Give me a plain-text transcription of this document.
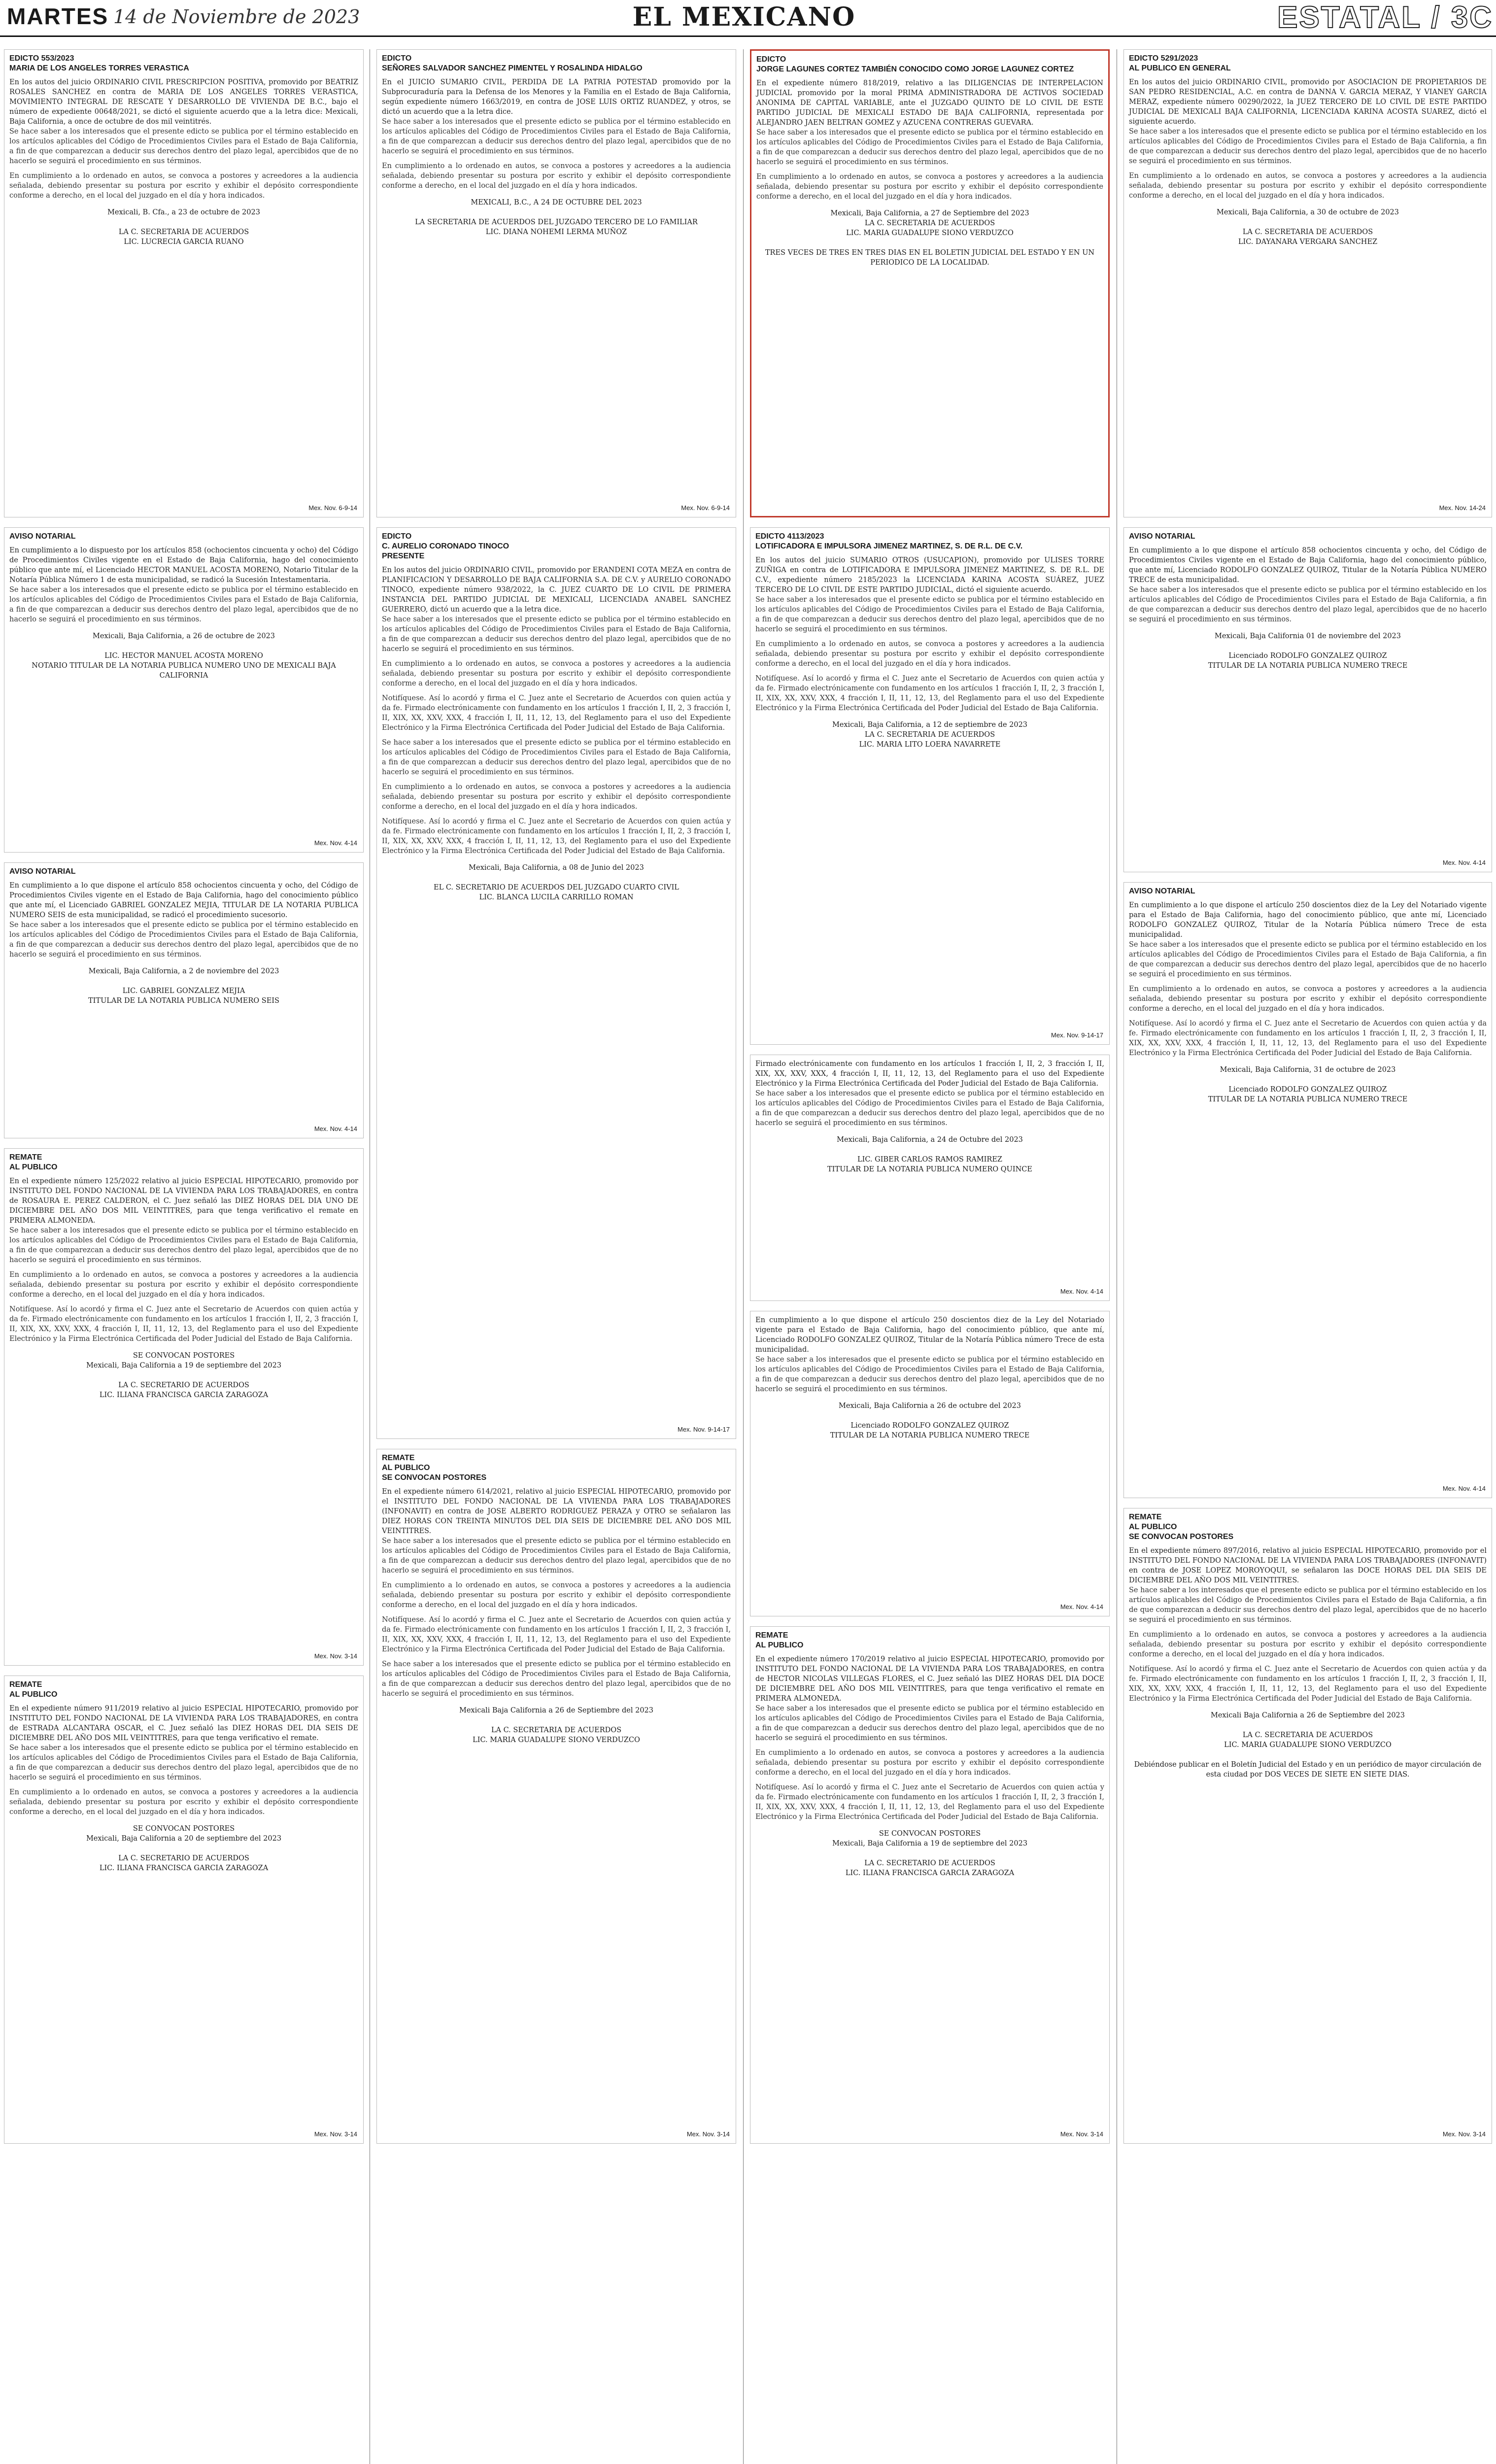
MARTES 14 de Noviembre de 2023	EL MEXICANO	ESTATAL / 3C
EDICTO 553/2023
MARIA DE LOS ANGELES TORRES VERASTICA
En los autos del juicio ORDINARIO CIVIL PRESCRIPCION POSITIVA, promovido por BEATRIZ ROSALES SANCHEZ en contra de MARIA DE LOS ANGELES TORRES VERASTICA, MOVIMIENTO INTEGRAL DE RESCATE Y DESARROLLO DE VIVIENDA DE B.C., bajo el número de expediente 00648/2021, se dictó el siguiente acuerdo que a la letra dice: Mexicali, Baja California, a once de octubre de dos mil veintitrés.

Se hace saber a los interesados que el presente edicto se publica por el término establecido en los artículos aplicables del Código de Procedimientos Civiles para el Estado de Baja California, a fin de que comparezcan a deducir sus derechos dentro del plazo legal, apercibidos que de no hacerlo se seguirá el procedimiento en sus términos.

En cumplimiento a lo ordenado en autos, se convoca a postores y acreedores a la audiencia señalada, debiendo presentar su postura por escrito y exhibir el depósito correspondiente conforme a derecho, en el local del juzgado en el día y hora indicados.

Mexicali, B. Cfa., a 23 de octubre de 2023

LA C. SECRETARIA DE ACUERDOS
LIC. LUCRECIA GARCIA RUANO
Mex. Nov. 6-9-14
AVISO NOTARIAL
En cumplimiento a lo dispuesto por los artículos 858 (ochocientos cincuenta y ocho) del Código de Procedimientos Civiles vigente en el Estado de Baja California, hago del conocimiento público que ante mí, el Licenciado HECTOR MANUEL ACOSTA MORENO, Notario Titular de la Notaría Pública Número 1 de esta municipalidad, se radicó la Sucesión Intestamentaria.

Se hace saber a los interesados que el presente edicto se publica por el término establecido en los artículos aplicables del Código de Procedimientos Civiles para el Estado de Baja California, a fin de que comparezcan a deducir sus derechos dentro del plazo legal, apercibidos que de no hacerlo se seguirá el procedimiento en sus términos.

Mexicali, Baja California, a 26 de octubre de 2023

LIC. HECTOR MANUEL ACOSTA MORENO
NOTARIO TITULAR DE LA NOTARIA PUBLICA NUMERO UNO DE MEXICALI BAJA CALIFORNIA
Mex. Nov. 4-14
AVISO NOTARIAL
En cumplimiento a lo que dispone el artículo 858 ochocientos cincuenta y ocho, del Código de Procedimientos Civiles vigente en el Estado de Baja California, hago del conocimiento público que ante mí, el Licenciado GABRIEL GONZALEZ MEJIA, TITULAR DE LA NOTARIA PUBLICA NUMERO SEIS de esta municipalidad, se radicó el procedimiento sucesorio.

Se hace saber a los interesados que el presente edicto se publica por el término establecido en los artículos aplicables del Código de Procedimientos Civiles para el Estado de Baja California, a fin de que comparezcan a deducir sus derechos dentro del plazo legal, apercibidos que de no hacerlo se seguirá el procedimiento en sus términos.

Mexicali, Baja California, a 2 de noviembre del 2023

LIC. GABRIEL GONZALEZ MEJIA
TITULAR DE LA NOTARIA PUBLICA NUMERO SEIS
Mex. Nov. 4-14
REMATE
AL PUBLICO
En el expediente número 125/2022 relativo al juicio ESPECIAL HIPOTECARIO, promovido por INSTITUTO DEL FONDO NACIONAL DE LA VIVIENDA PARA LOS TRABAJADORES, en contra de ROSAURA E. PEREZ CALDERON, el C. Juez señaló las DIEZ HORAS DEL DIA UNO DE DICIEMBRE DEL AÑO DOS MIL VEINTITRES, para que tenga verificativo el remate en PRIMERA ALMONEDA.

Se hace saber a los interesados que el presente edicto se publica por el término establecido en los artículos aplicables del Código de Procedimientos Civiles para el Estado de Baja California, a fin de que comparezcan a deducir sus derechos dentro del plazo legal, apercibidos que de no hacerlo se seguirá el procedimiento en sus términos.

En cumplimiento a lo ordenado en autos, se convoca a postores y acreedores a la audiencia señalada, debiendo presentar su postura por escrito y exhibir el depósito correspondiente conforme a derecho, en el local del juzgado en el día y hora indicados.

Notifíquese. Así lo acordó y firma el C. Juez ante el Secretario de Acuerdos con quien actúa y da fe. Firmado electrónicamente con fundamento en los artículos 1 fracción I, II, 2, 3 fracción I, II, XIX, XX, XXV, XXX, 4 fracción I, II, 11, 12, 13, del Reglamento para el uso del Expediente Electrónico y la Firma Electrónica Certificada del Poder Judicial del Estado de Baja California.

SE CONVOCAN POSTORES
Mexicali, Baja California a 19 de septiembre del 2023

LA C. SECRETARIO DE ACUERDOS
LIC. ILIANA FRANCISCA GARCIA ZARAGOZA
Mex. Nov. 3-14
REMATE
AL PUBLICO
En el expediente número 911/2019 relativo al juicio ESPECIAL HIPOTECARIO, promovido por INSTITUTO DEL FONDO NACIONAL DE LA VIVIENDA PARA LOS TRABAJADORES, en contra de ESTRADA ALCANTARA OSCAR, el C. Juez señaló las DIEZ HORAS DEL DIA SEIS DE DICIEMBRE DEL AÑO DOS MIL VEINTITRES, para que tenga verificativo el remate.

Se hace saber a los interesados que el presente edicto se publica por el término establecido en los artículos aplicables del Código de Procedimientos Civiles para el Estado de Baja California, a fin de que comparezcan a deducir sus derechos dentro del plazo legal, apercibidos que de no hacerlo se seguirá el procedimiento en sus términos.

En cumplimiento a lo ordenado en autos, se convoca a postores y acreedores a la audiencia señalada, debiendo presentar su postura por escrito y exhibir el depósito correspondiente conforme a derecho, en el local del juzgado en el día y hora indicados.

SE CONVOCAN POSTORES
Mexicali, Baja California a 20 de septiembre del 2023

LA C. SECRETARIO DE ACUERDOS
LIC. ILIANA FRANCISCA GARCIA ZARAGOZA
Mex. Nov. 3-14
EDICTO
SEÑORES SALVADOR SANCHEZ PIMENTEL Y ROSALINDA HIDALGO
En el JUICIO SUMARIO CIVIL, PERDIDA DE LA PATRIA POTESTAD promovido por la Subprocuraduría para la Defensa de los Menores y la Familia en el Estado de Baja California, según expediente número 1663/2019, en contra de JOSE LUIS ORTIZ RUANDEZ, y otros, se dictó un acuerdo que a la letra dice.

Se hace saber a los interesados que el presente edicto se publica por el término establecido en los artículos aplicables del Código de Procedimientos Civiles para el Estado de Baja California, a fin de que comparezcan a deducir sus derechos dentro del plazo legal, apercibidos que de no hacerlo se seguirá el procedimiento en sus términos.

En cumplimiento a lo ordenado en autos, se convoca a postores y acreedores a la audiencia señalada, debiendo presentar su postura por escrito y exhibir el depósito correspondiente conforme a derecho, en el local del juzgado en el día y hora indicados.

MEXICALI, B.C., A 24 DE OCTUBRE DEL 2023

LA SECRETARIA DE ACUERDOS DEL JUZGADO TERCERO DE LO FAMILIAR
LIC. DIANA NOHEMI LERMA MUÑOZ
Mex. Nov. 6-9-14
EDICTO
C. AURELIO CORONADO TINOCO
PRESENTE
En los autos del juicio ORDINARIO CIVIL, promovido por ERANDENI COTA MEZA en contra de PLANIFICACION Y DESARROLLO DE BAJA CALIFORNIA S.A. DE C.V. y AURELIO CORONADO TINOCO, expediente número 938/2022, la C. JUEZ CUARTO DE LO CIVIL DE PRIMERA INSTANCIA DEL PARTIDO JUDICIAL DE MEXICALI, LICENCIADA ANABEL SANCHEZ GUERRERO, dictó un acuerdo que a la letra dice.

Se hace saber a los interesados que el presente edicto se publica por el término establecido en los artículos aplicables del Código de Procedimientos Civiles para el Estado de Baja California, a fin de que comparezcan a deducir sus derechos dentro del plazo legal, apercibidos que de no hacerlo se seguirá el procedimiento en sus términos.

En cumplimiento a lo ordenado en autos, se convoca a postores y acreedores a la audiencia señalada, debiendo presentar su postura por escrito y exhibir el depósito correspondiente conforme a derecho, en el local del juzgado en el día y hora indicados.

Notifíquese. Así lo acordó y firma el C. Juez ante el Secretario de Acuerdos con quien actúa y da fe. Firmado electrónicamente con fundamento en los artículos 1 fracción I, II, 2, 3 fracción I, II, XIX, XX, XXV, XXX, 4 fracción I, II, 11, 12, 13, del Reglamento para el uso del Expediente Electrónico y la Firma Electrónica Certificada del Poder Judicial del Estado de Baja California.

Se hace saber a los interesados que el presente edicto se publica por el término establecido en los artículos aplicables del Código de Procedimientos Civiles para el Estado de Baja California, a fin de que comparezcan a deducir sus derechos dentro del plazo legal, apercibidos que de no hacerlo se seguirá el procedimiento en sus términos.

En cumplimiento a lo ordenado en autos, se convoca a postores y acreedores a la audiencia señalada, debiendo presentar su postura por escrito y exhibir el depósito correspondiente conforme a derecho, en el local del juzgado en el día y hora indicados.

Notifíquese. Así lo acordó y firma el C. Juez ante el Secretario de Acuerdos con quien actúa y da fe. Firmado electrónicamente con fundamento en los artículos 1 fracción I, II, 2, 3 fracción I, II, XIX, XX, XXV, XXX, 4 fracción I, II, 11, 12, 13, del Reglamento para el uso del Expediente Electrónico y la Firma Electrónica Certificada del Poder Judicial del Estado de Baja California.

Mexicali, Baja California, a 08 de Junio del 2023

EL C. SECRETARIO DE ACUERDOS DEL JUZGADO CUARTO CIVIL
LIC. BLANCA LUCILA CARRILLO ROMAN
Mex. Nov. 9-14-17
REMATE
AL PUBLICO
SE CONVOCAN POSTORES
En el expediente número 614/2021, relativo al juicio ESPECIAL HIPOTECARIO, promovido por el INSTITUTO DEL FONDO NACIONAL DE LA VIVIENDA PARA LOS TRABAJADORES (INFONAVIT) en contra de JOSE ALBERTO RODRIGUEZ PERAZA y OTRO se señalaron las DIEZ HORAS CON TREINTA MINUTOS DEL DIA SEIS DE DICIEMBRE DEL AÑO DOS MIL VEINTITRES.

Se hace saber a los interesados que el presente edicto se publica por el término establecido en los artículos aplicables del Código de Procedimientos Civiles para el Estado de Baja California, a fin de que comparezcan a deducir sus derechos dentro del plazo legal, apercibidos que de no hacerlo se seguirá el procedimiento en sus términos.

En cumplimiento a lo ordenado en autos, se convoca a postores y acreedores a la audiencia señalada, debiendo presentar su postura por escrito y exhibir el depósito correspondiente conforme a derecho, en el local del juzgado en el día y hora indicados.

Notifíquese. Así lo acordó y firma el C. Juez ante el Secretario de Acuerdos con quien actúa y da fe. Firmado electrónicamente con fundamento en los artículos 1 fracción I, II, 2, 3 fracción I, II, XIX, XX, XXV, XXX, 4 fracción I, II, 11, 12, 13, del Reglamento para el uso del Expediente Electrónico y la Firma Electrónica Certificada del Poder Judicial del Estado de Baja California.

Se hace saber a los interesados que el presente edicto se publica por el término establecido en los artículos aplicables del Código de Procedimientos Civiles para el Estado de Baja California, a fin de que comparezcan a deducir sus derechos dentro del plazo legal, apercibidos que de no hacerlo se seguirá el procedimiento en sus términos.

Mexicali Baja California a 26 de Septiembre del 2023

LA C. SECRETARIA DE ACUERDOS
LIC. MARIA GUADALUPE SIONO VERDUZCO
Mex. Nov. 3-14
EDICTO
JORGE LAGUNES CORTEZ TAMBIÉN CONOCIDO COMO JORGE LAGUNEZ CORTEZ
En el expediente número 818/2019, relativo a las DILIGENCIAS DE INTERPELACION JUDICIAL promovido por la moral PRIMA ADMINISTRADORA DE ACTIVOS SOCIEDAD ANONIMA DE CAPITAL VARIABLE, ante el JUZGADO QUINTO DE LO CIVIL DE ESTE PARTIDO JUDICIAL DE MEXICALI ESTADO DE BAJA CALIFORNIA, representada por ALEJANDRO JAEN BELTRAN GOMEZ y AZUCENA CONTRERAS GUEVARA.

Se hace saber a los interesados que el presente edicto se publica por el término establecido en los artículos aplicables del Código de Procedimientos Civiles para el Estado de Baja California, a fin de que comparezcan a deducir sus derechos dentro del plazo legal, apercibidos que de no hacerlo se seguirá el procedimiento en sus términos.

En cumplimiento a lo ordenado en autos, se convoca a postores y acreedores a la audiencia señalada, debiendo presentar su postura por escrito y exhibir el depósito correspondiente conforme a derecho, en el local del juzgado en el día y hora indicados.

Mexicali, Baja California, a 27 de Septiembre del 2023
LA C. SECRETARIA DE ACUERDOS
LIC. MARIA GUADALUPE SIONO VERDUZCO

TRES VECES DE TRES EN TRES DIAS EN EL BOLETIN JUDICIAL DEL ESTADO Y EN UN PERIODICO DE LA LOCALIDAD.
EDICTO 4113/2023
LOTIFICADORA E IMPULSORA JIMENEZ MARTINEZ, S. DE R.L. DE C.V.
En los autos del juicio SUMARIO OTROS (USUCAPION), promovido por ULISES TORRE ZUÑIGA en contra de LOTIFICADORA E IMPULSORA JIMENEZ MARTINEZ, S. DE R.L. DE C.V., expediente número 2185/2023 la LICENCIADA KARINA ACOSTA SUÁREZ, JUEZ TERCERO DE LO CIVIL DE ESTE PARTIDO JUDICIAL, dictó el siguiente acuerdo.

Se hace saber a los interesados que el presente edicto se publica por el término establecido en los artículos aplicables del Código de Procedimientos Civiles para el Estado de Baja California, a fin de que comparezcan a deducir sus derechos dentro del plazo legal, apercibidos que de no hacerlo se seguirá el procedimiento en sus términos.

En cumplimiento a lo ordenado en autos, se convoca a postores y acreedores a la audiencia señalada, debiendo presentar su postura por escrito y exhibir el depósito correspondiente conforme a derecho, en el local del juzgado en el día y hora indicados.

Notifíquese. Así lo acordó y firma el C. Juez ante el Secretario de Acuerdos con quien actúa y da fe. Firmado electrónicamente con fundamento en los artículos 1 fracción I, II, 2, 3 fracción I, II, XIX, XX, XXV, XXX, 4 fracción I, II, 11, 12, 13, del Reglamento para el uso del Expediente Electrónico y la Firma Electrónica Certificada del Poder Judicial del Estado de Baja California.

Mexicali, Baja California, a 12 de septiembre de 2023
LA C. SECRETARIA DE ACUERDOS
LIC. MARIA LITO LOERA NAVARRETE
Mex. Nov. 9-14-17
Firmado electrónicamente con fundamento en los artículos 1 fracción I, II, 2, 3 fracción I, II, XIX, XX, XXV, XXX, 4 fracción I, II, 11, 12, 13, del Reglamento para el uso del Expediente Electrónico y la Firma Electrónica Certificada del Poder Judicial del Estado de Baja California.

Se hace saber a los interesados que el presente edicto se publica por el término establecido en los artículos aplicables del Código de Procedimientos Civiles para el Estado de Baja California, a fin de que comparezcan a deducir sus derechos dentro del plazo legal, apercibidos que de no hacerlo se seguirá el procedimiento en sus términos.

Mexicali, Baja California, a 24 de Octubre del 2023

LIC. GIBER CARLOS RAMOS RAMIREZ
TITULAR DE LA NOTARIA PUBLICA NUMERO QUINCE
Mex. Nov. 4-14
En cumplimiento a lo que dispone el artículo 250 doscientos diez de la Ley del Notariado vigente para el Estado de Baja California, hago del conocimiento público, que ante mí, Licenciado RODOLFO GONZALEZ QUIROZ, Titular de la Notaría Pública número Trece de esta municipalidad.

Se hace saber a los interesados que el presente edicto se publica por el término establecido en los artículos aplicables del Código de Procedimientos Civiles para el Estado de Baja California, a fin de que comparezcan a deducir sus derechos dentro del plazo legal, apercibidos que de no hacerlo se seguirá el procedimiento en sus términos.

Mexicali, Baja California a 26 de octubre del 2023

Licenciado RODOLFO GONZALEZ QUIROZ
TITULAR DE LA NOTARIA PUBLICA NUMERO TRECE
Mex. Nov. 4-14
REMATE
AL PUBLICO
En el expediente número 170/2019 relativo al juicio ESPECIAL HIPOTECARIO, promovido por INSTITUTO DEL FONDO NACIONAL DE LA VIVIENDA PARA LOS TRABAJADORES, en contra de HECTOR NICOLAS VILLEGAS FLORES, el C. Juez señaló las DIEZ HORAS DEL DIA DOCE DE DICIEMBRE DEL AÑO DOS MIL VEINTITRES, para que tenga verificativo el remate en PRIMERA ALMONEDA.

Se hace saber a los interesados que el presente edicto se publica por el término establecido en los artículos aplicables del Código de Procedimientos Civiles para el Estado de Baja California, a fin de que comparezcan a deducir sus derechos dentro del plazo legal, apercibidos que de no hacerlo se seguirá el procedimiento en sus términos.

En cumplimiento a lo ordenado en autos, se convoca a postores y acreedores a la audiencia señalada, debiendo presentar su postura por escrito y exhibir el depósito correspondiente conforme a derecho, en el local del juzgado en el día y hora indicados.

Notifíquese. Así lo acordó y firma el C. Juez ante el Secretario de Acuerdos con quien actúa y da fe. Firmado electrónicamente con fundamento en los artículos 1 fracción I, II, 2, 3 fracción I, II, XIX, XX, XXV, XXX, 4 fracción I, II, 11, 12, 13, del Reglamento para el uso del Expediente Electrónico y la Firma Electrónica Certificada del Poder Judicial del Estado de Baja California.

SE CONVOCAN POSTORES
Mexicali, Baja California a 19 de septiembre del 2023

LA C. SECRETARIO DE ACUERDOS
LIC. ILIANA FRANCISCA GARCIA ZARAGOZA
Mex. Nov. 3-14
EDICTO 5291/2023
AL PUBLICO EN GENERAL
En los autos del juicio ORDINARIO CIVIL, promovido por ASOCIACION DE PROPIETARIOS DE SAN PEDRO RESIDENCIAL, A.C. en contra de DANNA V. GARCIA MERAZ, Y VIANEY GARCIA MERAZ, expediente número 00290/2022, la JUEZ TERCERO DE LO CIVIL DE ESTE PARTIDO JUDICIAL DE MEXICALI BAJA CALIFORNIA, LICENCIADA KARINA ACOSTA SUAREZ, dictó el siguiente acuerdo.

Se hace saber a los interesados que el presente edicto se publica por el término establecido en los artículos aplicables del Código de Procedimientos Civiles para el Estado de Baja California, a fin de que comparezcan a deducir sus derechos dentro del plazo legal, apercibidos que de no hacerlo se seguirá el procedimiento en sus términos.

En cumplimiento a lo ordenado en autos, se convoca a postores y acreedores a la audiencia señalada, debiendo presentar su postura por escrito y exhibir el depósito correspondiente conforme a derecho, en el local del juzgado en el día y hora indicados.

Mexicali, Baja California, a 30 de octubre de 2023

LA C. SECRETARIA DE ACUERDOS
LIC. DAYANARA VERGARA SANCHEZ
Mex. Nov. 14-24
AVISO NOTARIAL
En cumplimiento a lo que dispone el artículo 858 ochocientos cincuenta y ocho, del Código de Procedimientos Civiles vigente en el Estado de Baja California, hago del conocimiento público, que ante mí, Licenciado RODOLFO GONZALEZ QUIROZ, Titular de la Notaría Pública NUMERO TRECE de esta municipalidad.

Se hace saber a los interesados que el presente edicto se publica por el término establecido en los artículos aplicables del Código de Procedimientos Civiles para el Estado de Baja California, a fin de que comparezcan a deducir sus derechos dentro del plazo legal, apercibidos que de no hacerlo se seguirá el procedimiento en sus términos.

Mexicali, Baja California 01 de noviembre del 2023

Licenciado RODOLFO GONZALEZ QUIROZ
TITULAR DE LA NOTARIA PUBLICA NUMERO TRECE
Mex. Nov. 4-14
AVISO NOTARIAL
En cumplimiento a lo que dispone el artículo 250 doscientos diez de la Ley del Notariado vigente para el Estado de Baja California, hago del conocimiento público, que ante mí, Licenciado RODOLFO GONZALEZ QUIROZ, Titular de la Notaría Pública número Trece de esta municipalidad.

Se hace saber a los interesados que el presente edicto se publica por el término establecido en los artículos aplicables del Código de Procedimientos Civiles para el Estado de Baja California, a fin de que comparezcan a deducir sus derechos dentro del plazo legal, apercibidos que de no hacerlo se seguirá el procedimiento en sus términos.

En cumplimiento a lo ordenado en autos, se convoca a postores y acreedores a la audiencia señalada, debiendo presentar su postura por escrito y exhibir el depósito correspondiente conforme a derecho, en el local del juzgado en el día y hora indicados.

Notifíquese. Así lo acordó y firma el C. Juez ante el Secretario de Acuerdos con quien actúa y da fe. Firmado electrónicamente con fundamento en los artículos 1 fracción I, II, 2, 3 fracción I, II, XIX, XX, XXV, XXX, 4 fracción I, II, 11, 12, 13, del Reglamento para el uso del Expediente Electrónico y la Firma Electrónica Certificada del Poder Judicial del Estado de Baja California.

Mexicali, Baja California, 31 de octubre de 2023

Licenciado RODOLFO GONZALEZ QUIROZ
TITULAR DE LA NOTARIA PUBLICA NUMERO TRECE
Mex. Nov. 4-14
REMATE
AL PUBLICO
SE CONVOCAN POSTORES
En el expediente número 897/2016, relativo al juicio ESPECIAL HIPOTECARIO, promovido por el INSTITUTO DEL FONDO NACIONAL DE LA VIVIENDA PARA LOS TRABAJADORES (INFONAVIT) en contra de JOSE LOPEZ MOROYOQUI, se señalaron las DOCE HORAS DEL DIA SEIS DE DICIEMBRE DEL AÑO DOS MIL VEINTITRES.

Se hace saber a los interesados que el presente edicto se publica por el término establecido en los artículos aplicables del Código de Procedimientos Civiles para el Estado de Baja California, a fin de que comparezcan a deducir sus derechos dentro del plazo legal, apercibidos que de no hacerlo se seguirá el procedimiento en sus términos.

En cumplimiento a lo ordenado en autos, se convoca a postores y acreedores a la audiencia señalada, debiendo presentar su postura por escrito y exhibir el depósito correspondiente conforme a derecho, en el local del juzgado en el día y hora indicados.

Notifíquese. Así lo acordó y firma el C. Juez ante el Secretario de Acuerdos con quien actúa y da fe. Firmado electrónicamente con fundamento en los artículos 1 fracción I, II, 2, 3 fracción I, II, XIX, XX, XXV, XXX, 4 fracción I, II, 11, 12, 13, del Reglamento para el uso del Expediente Electrónico y la Firma Electrónica Certificada del Poder Judicial del Estado de Baja California.

Mexicali Baja California a 26 de Septiembre del 2023

LA C. SECRETARIA DE ACUERDOS
LIC. MARIA GUADALUPE SIONO VERDUZCO

Debiéndose publicar en el Boletín Judicial del Estado y en un periódico de mayor circulación de esta ciudad por DOS VECES DE SIETE EN SIETE DIAS.
Mex. Nov. 3-14
